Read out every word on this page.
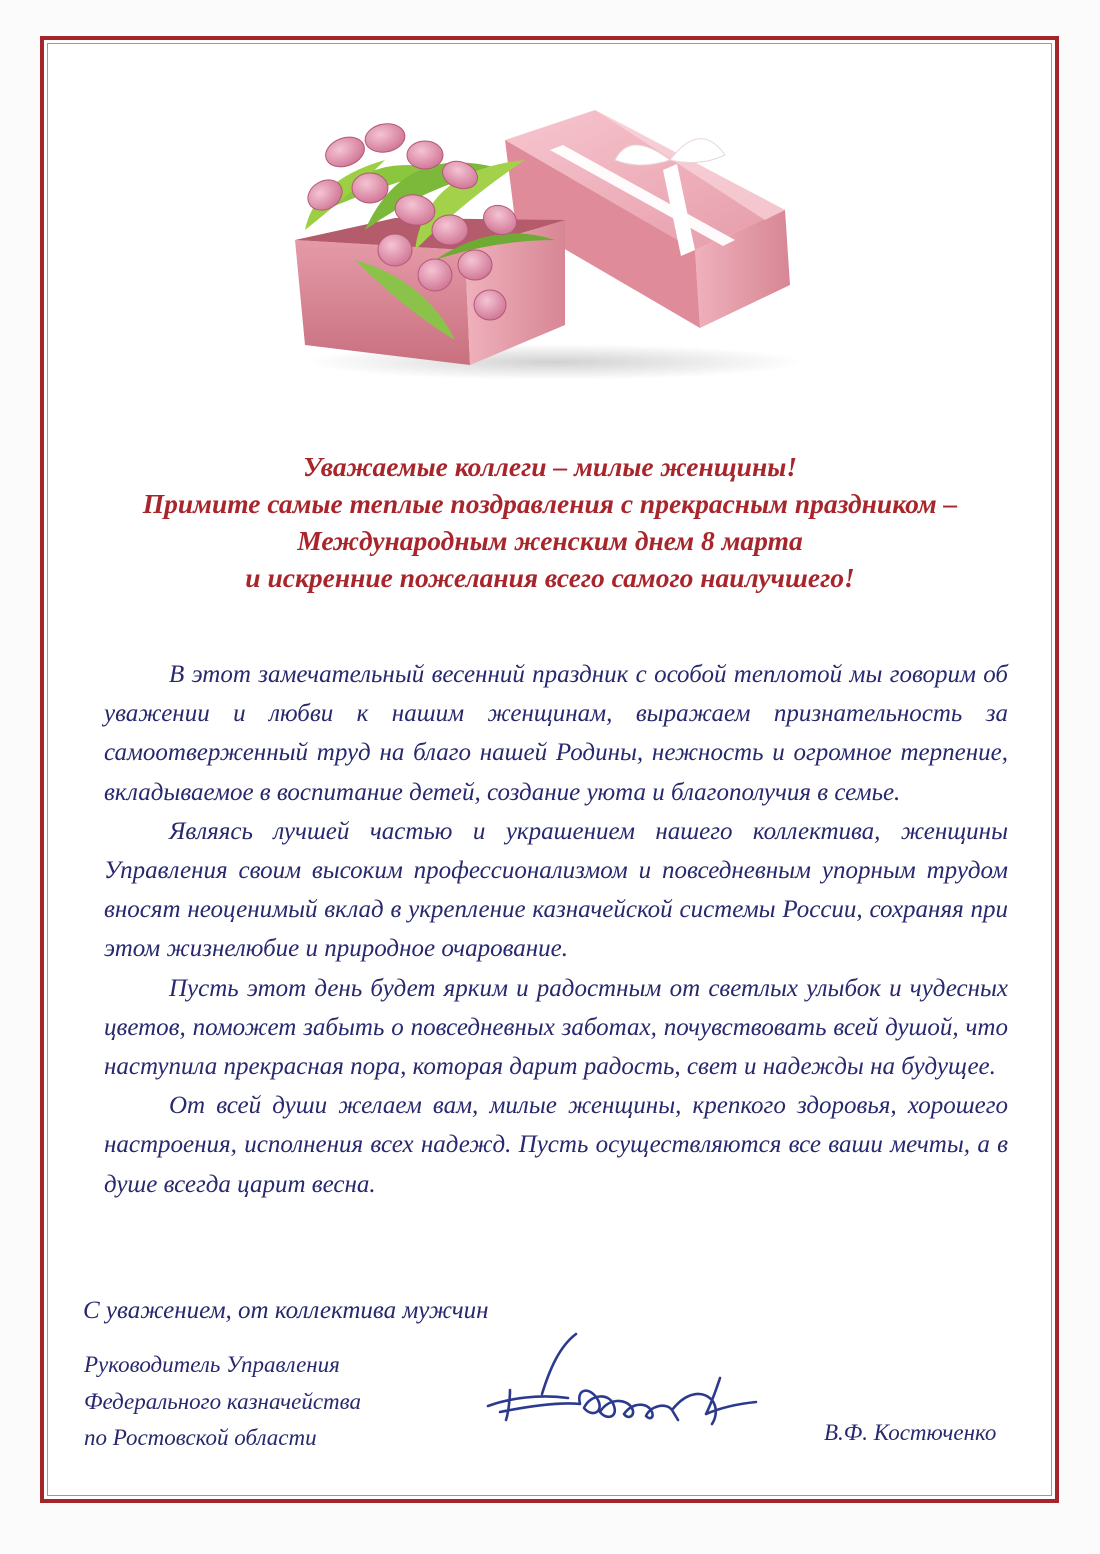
Уважаемые коллеги – милые женщины!
Примите самые теплые поздравления с прекрасным праздником –
Международным женским днем 8 марта
и искренние пожелания всего самого наилучшего!

В этот замечательный весенний праздник с особой теплотой мы говорим об уважении и любви к нашим женщинам, выражаем признательность за самоотверженный труд на благо нашей Родины, нежность и огромное терпение, вкладываемое в воспитание детей, создание уюта и благополучия в семье.

Являясь лучшей частью и украшением нашего коллектива, женщины Управления своим высоким профессионализмом и повседневным упорным трудом вносят неоценимый вклад в укрепление казначейской системы России, сохраняя при этом жизнелюбие и природное очарование.

Пусть этот день будет ярким и радостным от светлых улыбок и чудесных цветов, поможет забыть о повседневных заботах, почувствовать всей душой, что наступила прекрасная пора, которая дарит радость, свет и надежды на будущее.

От всей души желаем вам, милые женщины, крепкого здоровья, хорошего настроения, исполнения всех надежд. Пусть осуществляются все ваши мечты, а в душе всегда царит весна.

С уважением, от коллектива мужчин
Руководитель Управления
Федерального казначейства
по Ростовской области	В.Ф. Костюченко
